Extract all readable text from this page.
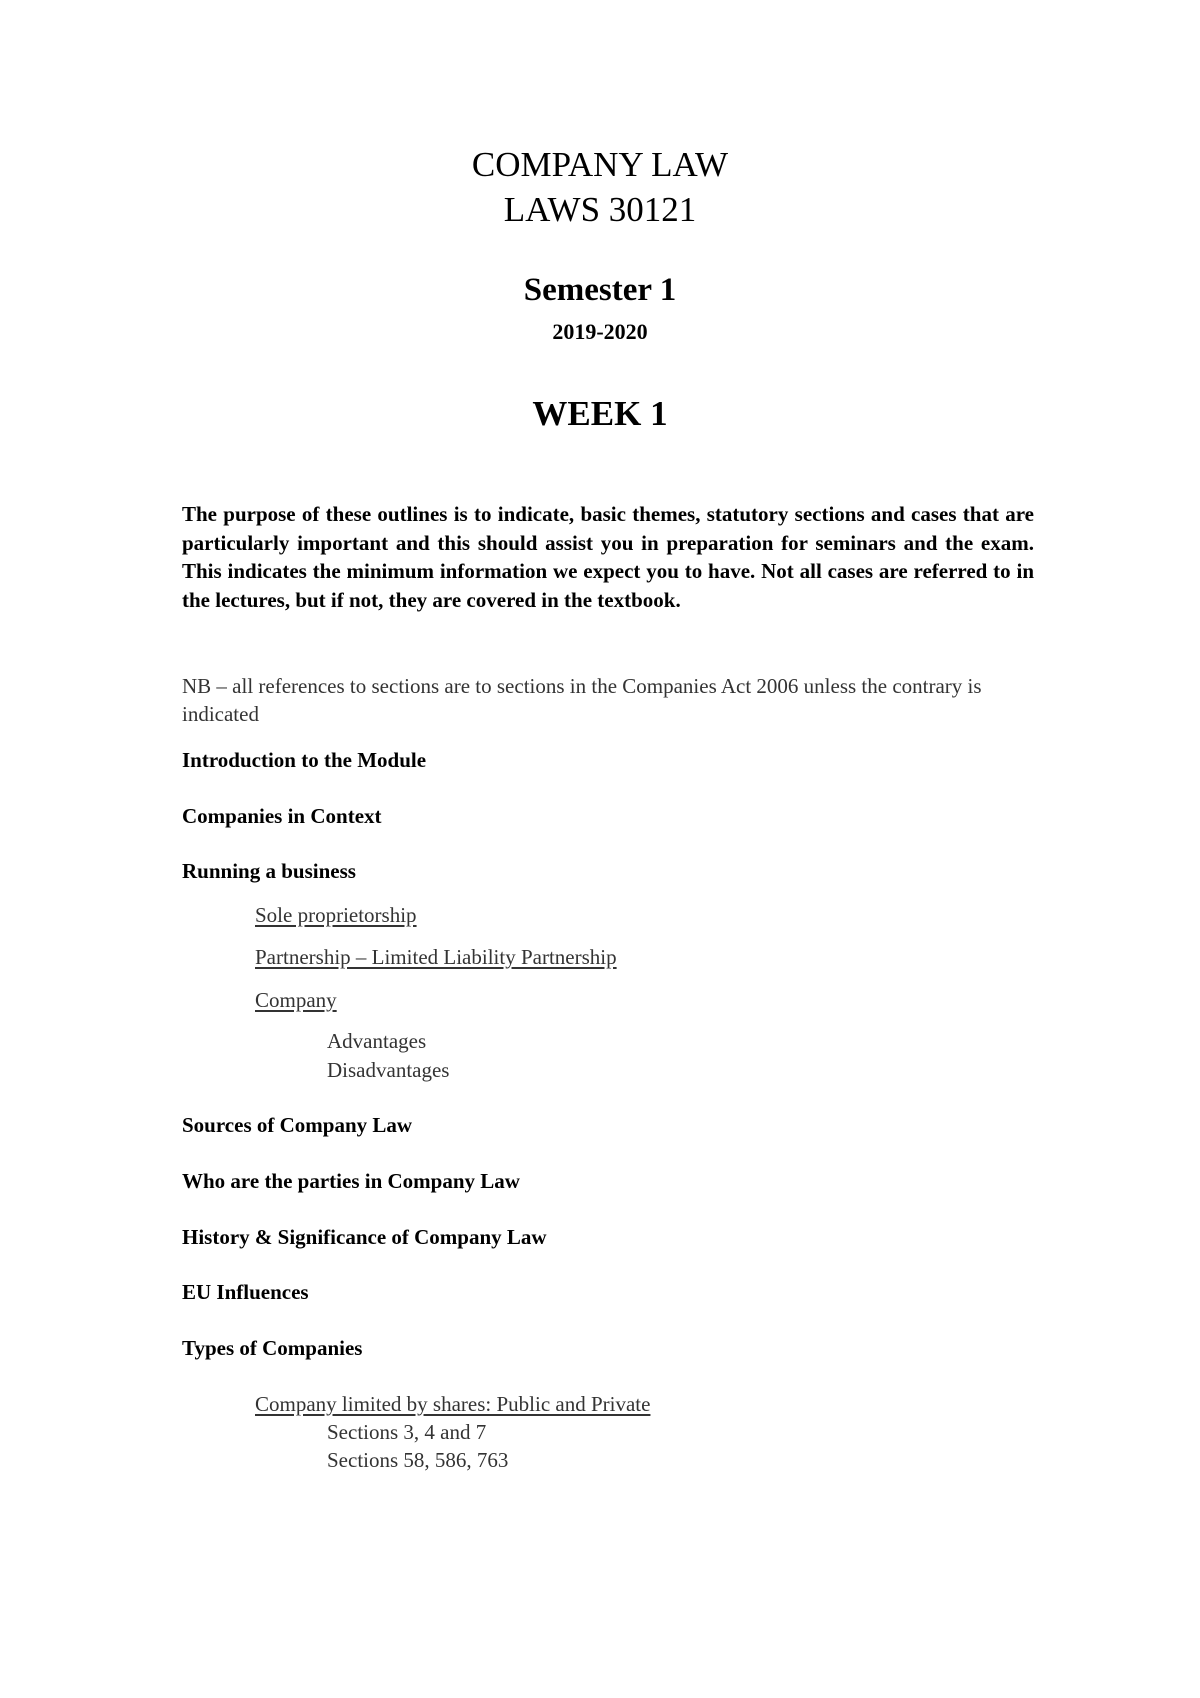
COMPANY LAW
LAWS 30121
Semester 1
2019-2020
WEEK 1
The purpose of these outlines is to indicate, basic themes, statutory sections and cases that are particularly important and this should assist you in preparation for seminars and the exam. This indicates the minimum information we expect you to have. Not all cases are referred to in the lectures, but if not, they are covered in the textbook.
NB – all references to sections are to sections in the Companies Act 2006 unless the contrary is indicated
Introduction to the Module
Companies in Context
Running a business
Sole proprietorship
Partnership – Limited Liability Partnership
Company
Advantages
Disadvantages
Sources of Company Law
Who are the parties in Company Law
History & Significance of Company Law
EU Influences
Types of Companies
Company limited by shares: Public and Private
Sections 3, 4 and 7
Sections 58, 586, 763
